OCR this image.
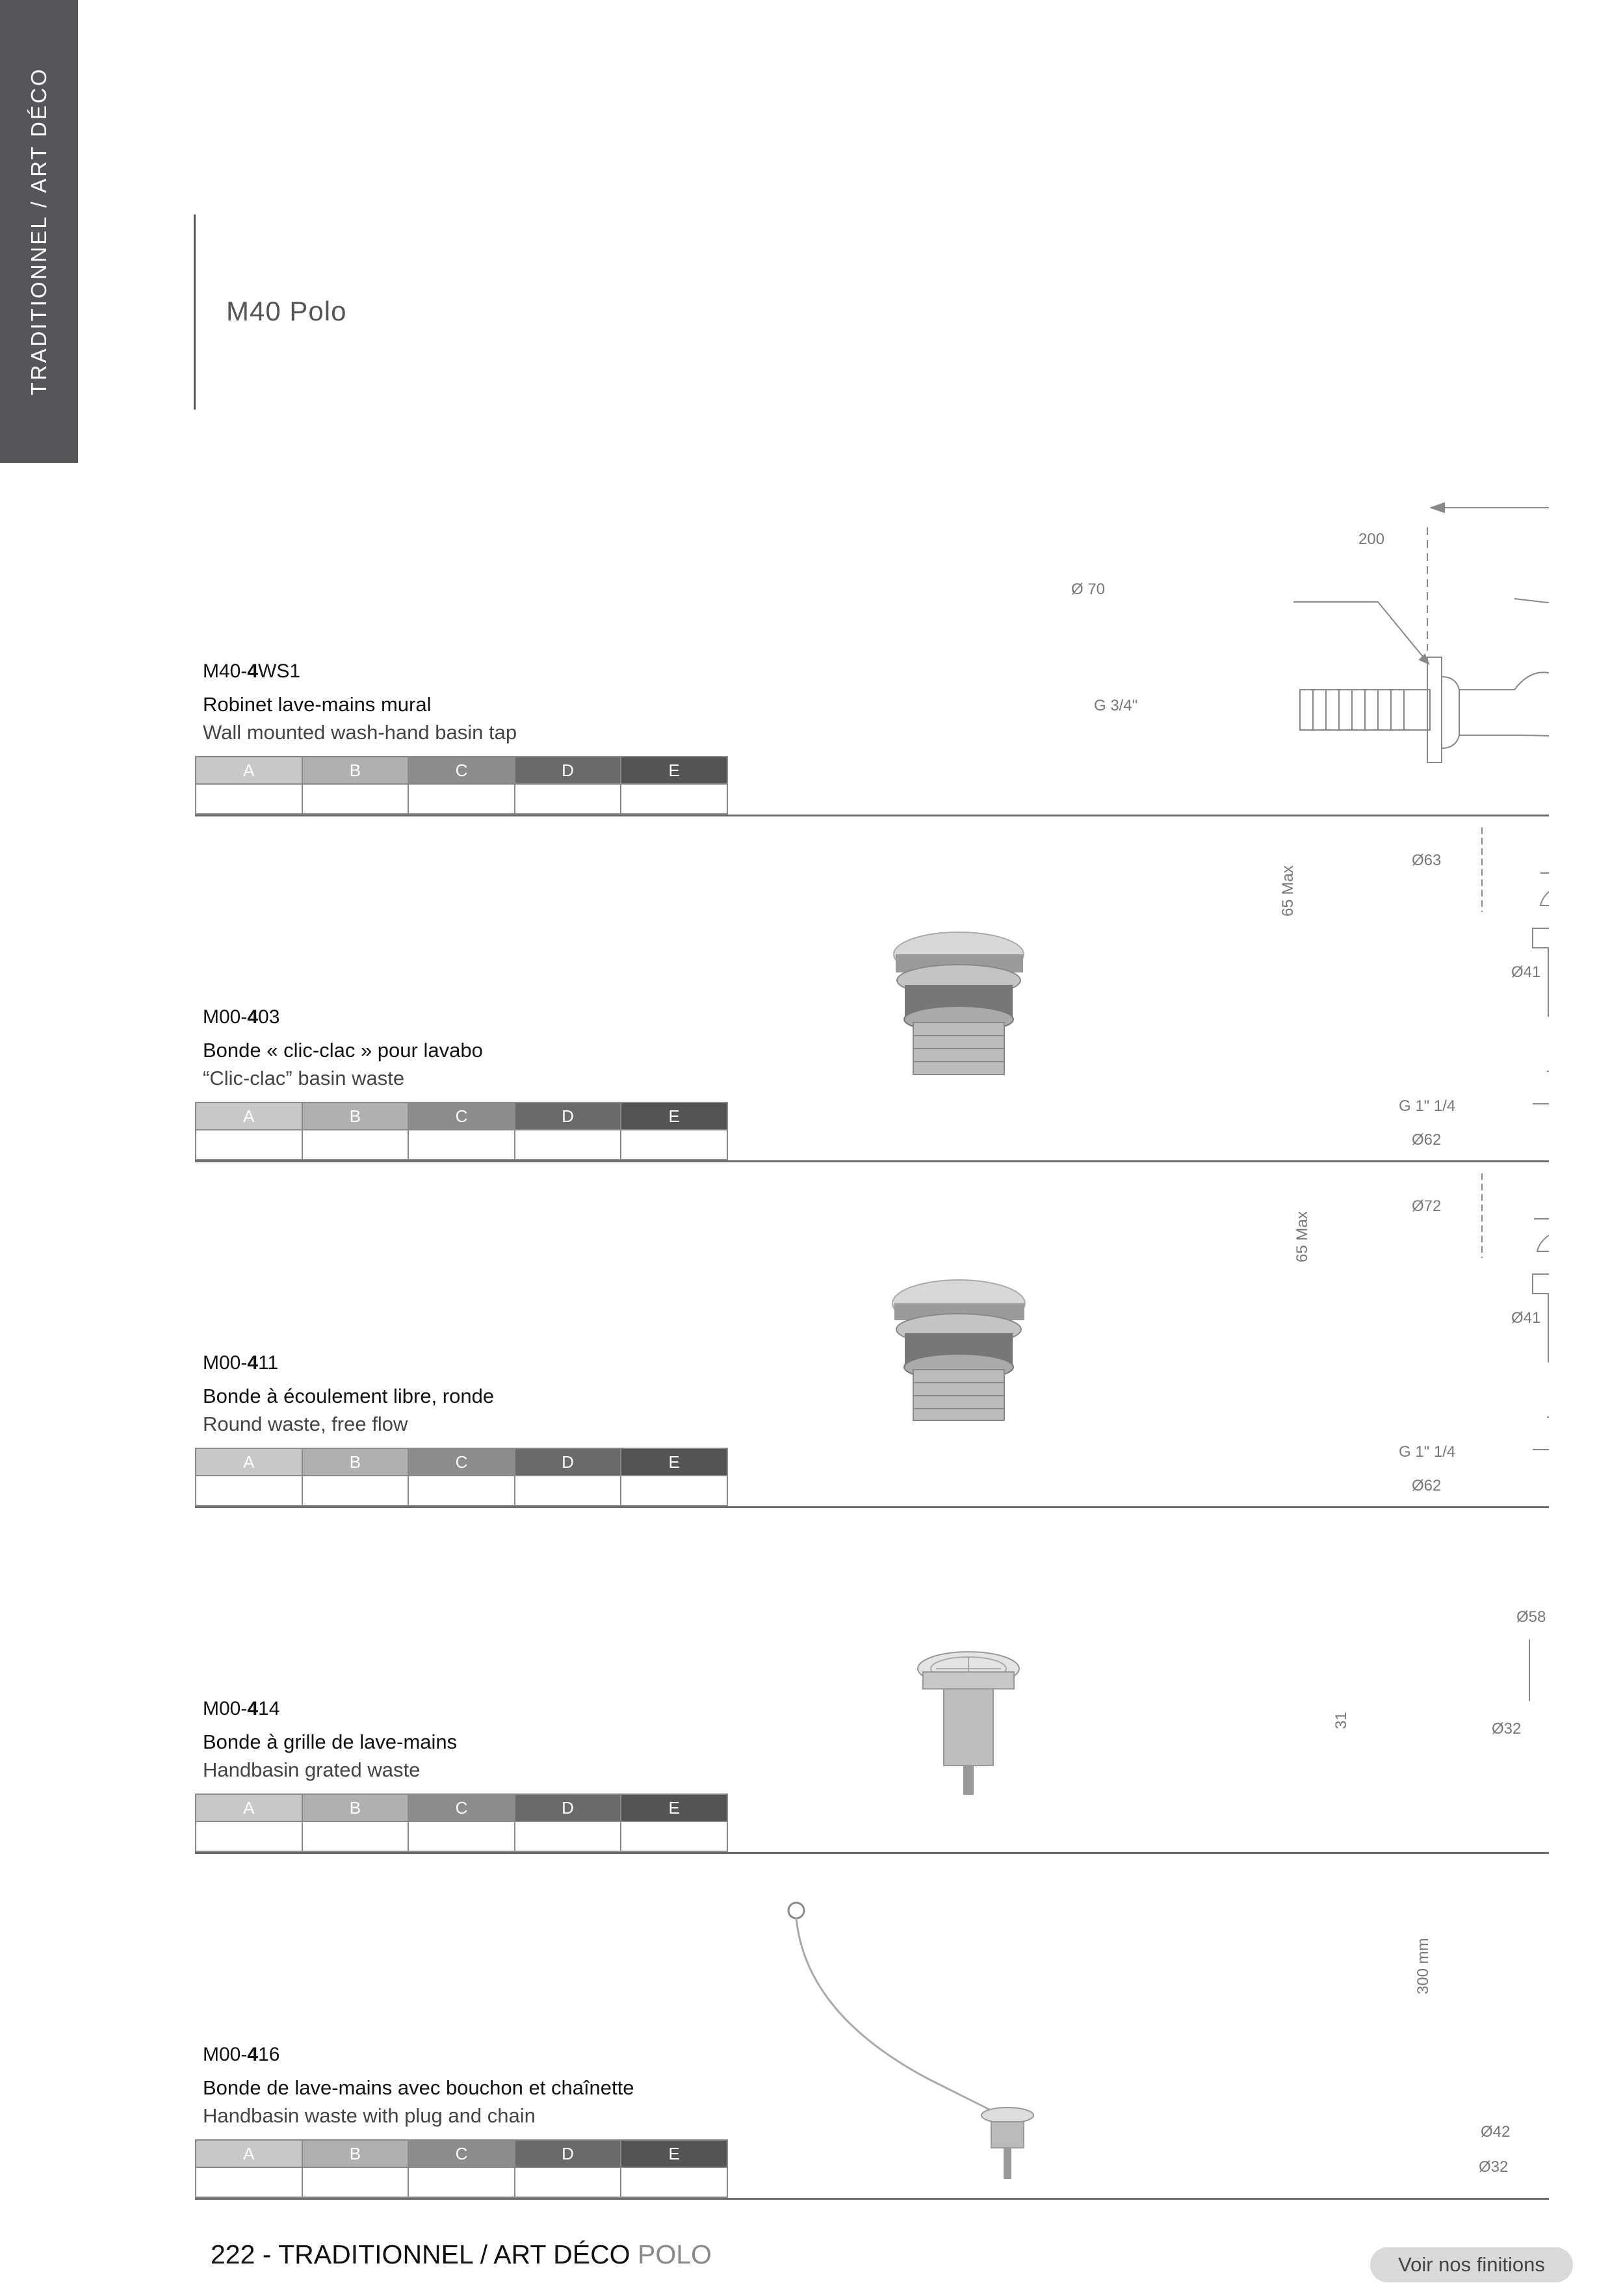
TRADITIONNEL / ART DÉCO	M40 Polo
M40-4WS1
Robinet lave-mains mural
Wall mounted wash-hand basin tap
A	B	C	D	E

M00-403
Bonde « clic-clac » pour lavabo
“Clic-clac” basin waste
A	B	C	D	E

M00-411
Bonde à écoulement libre, ronde
Round waste, free flow
A	B	C	D	E

M00-414
Bonde à grille de lave-mains
Handbasin grated waste
A	B	C	D	E

M00-416
Bonde de lave-mains avec bouchon et chaînette
Handbasin waste with plug and chain
A	B	C	D	E

200
Ø 70
G 3/4"
Ø63
65 Max
Ø41
G 1" 1/4
Ø62
Ø72
65 Max
Ø41
G 1" 1/4
Ø62
Ø58
31	Ø32
300 mm
Ø42
Ø32
222 - TRADITIONNEL / ART DÉCO POLO	Voir nos finitions
